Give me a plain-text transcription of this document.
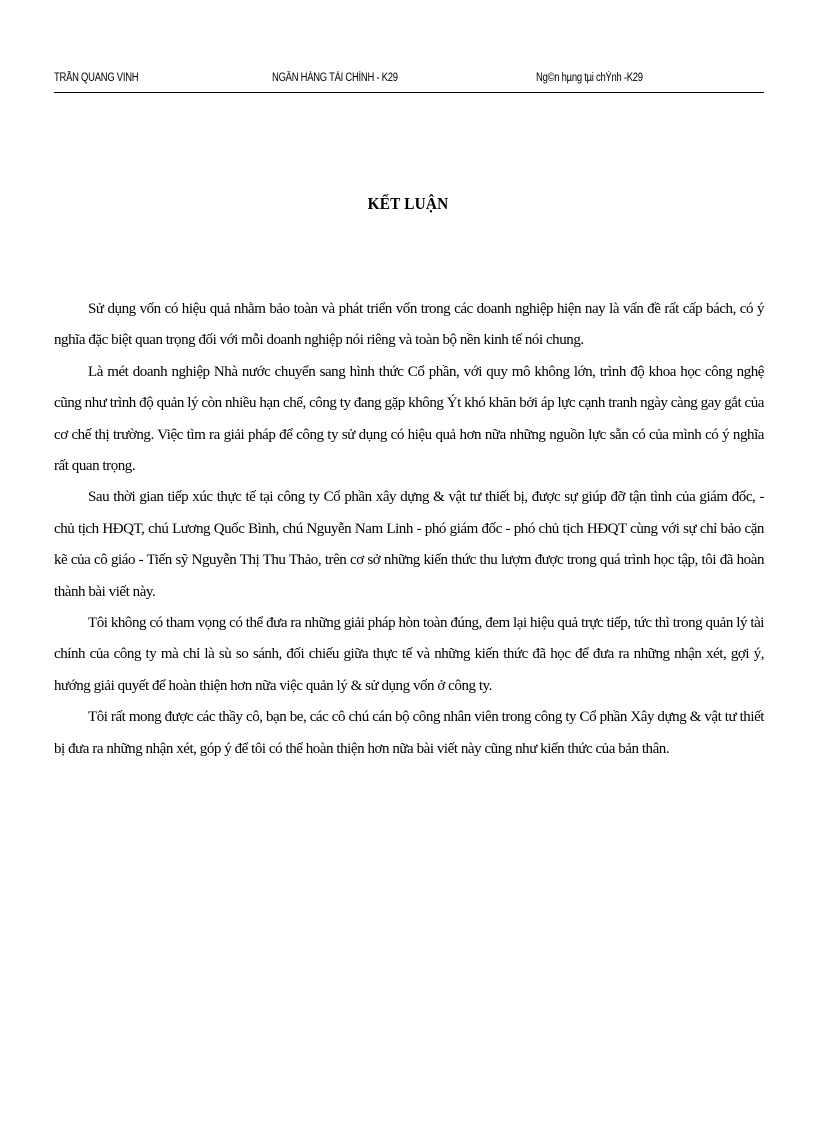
TRẦN QUANG VINH	NGÂN HÀNG TÀI CHÍNH - K29	Ng©n hµng tµi chÝnh -K29
KẾT LUẬN

Sử dụng vốn có hiệu quả nhằm bảo toàn và phát triển vốn trong các doanh nghiệp hiện nay là vấn đề rất cấp bách, có ý nghĩa đặc biệt quan trọng đối với mỗi doanh nghiệp nói riêng và toàn bộ nền kinh tế nói chung.

Là mét doanh nghiệp Nhà nước chuyển sang hình thức Cổ phần, với quy mô không lớn, trình độ khoa học công nghệ cũng như trình độ quản lý còn nhiều hạn chế, công ty đang gặp không Ýt khó khăn bởi áp lực cạnh tranh ngày càng gay gắt của cơ chế thị trường. Việc tìm ra giải pháp để công ty sử dụng có hiệu quả hơn nữa những nguồn lực sẵn có của mình có ý nghĩa rất quan trọng.

Sau thời gian tiếp xúc thực tế tại công ty Cổ phần xây dựng & vật tư thiết bị, được sự giúp đỡ tận tình của giám đốc, - chủ tịch HĐQT, chú Lương Quốc Bình, chú Nguyễn Nam Linh - phó giám đốc - phó chủ tịch HĐQT cùng với sự chỉ bảo cặn kẽ của cô giáo - Tiến sỹ Nguyễn Thị Thu Thảo, trên cơ sở những kiến thức thu lượm được trong quá trình học tập, tôi đã hoàn thành bài viết này.

Tôi không có tham vọng có thể đưa ra những giải pháp hòn toàn đúng, đem lại hiệu quả trực tiếp, tức thì trong quản lý tài chính của công ty mà chỉ là sù so sánh, đối chiếu giữa thực tế và những kiến thức đã học để đưa ra những nhận xét, gợi ý, hướng giải quyết để hoàn thiện hơn nữa việc quản lý & sử dụng vốn ở công ty.

Tôi rất mong được các thầy cô, bạn be, các cô chú cán bộ công nhân viên trong công ty Cổ phần Xây dựng & vật tư thiết bị đưa ra những nhận xét, góp ý để tôi có thể hoàn thiện hơn nữa bài viết này cũng như kiến thức của bản thân.
